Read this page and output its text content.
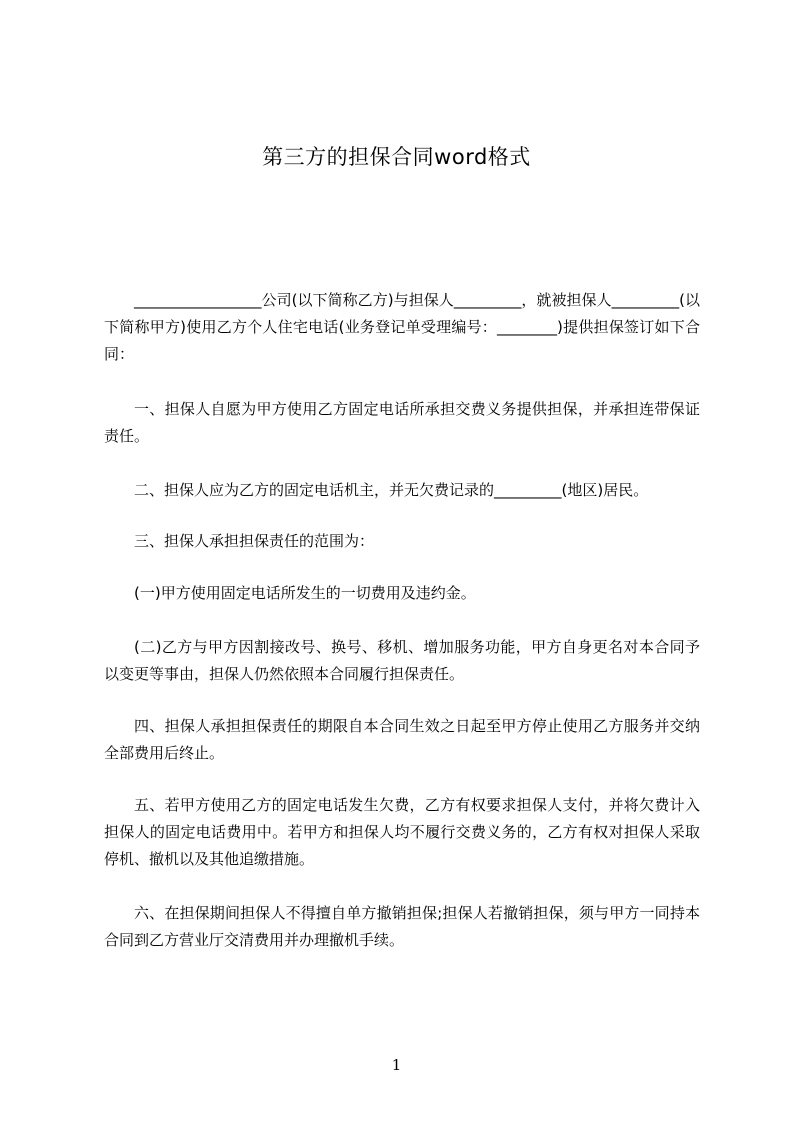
第三方的担保合同word格式
_________________公司(以下简称乙方)与担保人_________，就被担保人_________(以下简称甲方)使用乙方个人住宅电话(业务登记单受理编号：________)提供担保签订如下合同：
一、担保人自愿为甲方使用乙方固定电话所承担交费义务提供担保，并承担连带保证责任。
二、担保人应为乙方的固定电话机主，并无欠费记录的_________(地区)居民。
三、担保人承担担保责任的范围为：
(一)甲方使用固定电话所发生的一切费用及违约金。
(二)乙方与甲方因割接改号、换号、移机、增加服务功能，甲方自身更名对本合同予以变更等事由，担保人仍然依照本合同履行担保责任。
四、担保人承担担保责任的期限自本合同生效之日起至甲方停止使用乙方服务并交纳全部费用后终止。
五、若甲方使用乙方的固定电话发生欠费，乙方有权要求担保人支付，并将欠费计入担保人的固定电话费用中。若甲方和担保人均不履行交费义务的，乙方有权对担保人采取停机、撤机以及其他追缴措施。
六、在担保期间担保人不得擅自单方撤销担保;担保人若撤销担保，须与甲方一同持本合同到乙方营业厅交清费用并办理撤机手续。
1
